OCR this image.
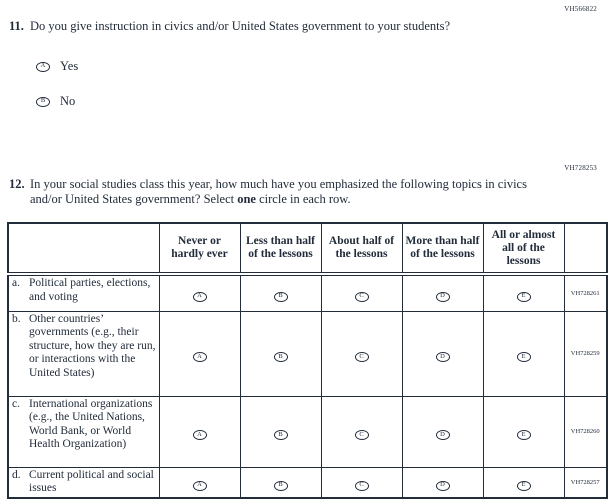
VH566822
11. Do you give instruction in civics and/or United States government to your students?
A	Yes
B	No
VH728253
12. In your social studies class this year, how much have you emphasized the following topics in civics and/or United States government? Select one circle in each row.
	Never or hardly ever	Less than half of the lessons	About half of the lessons	More than half of the lessons	All or almost all of the lessons	

a. Political parties, elections, and voting	A	B	C	D	E	VH728261

b. Other countries’ governments (e.g., their structure, how they are run, or interactions with the United States)	A	B	C	D	E	VH728259

c. International organizations (e.g., the United Nations, World Bank, or World Health Organization)	A	B	C	D	E	VH728260

d. Current political and social issues	A	B	C	D	E	VH728257
